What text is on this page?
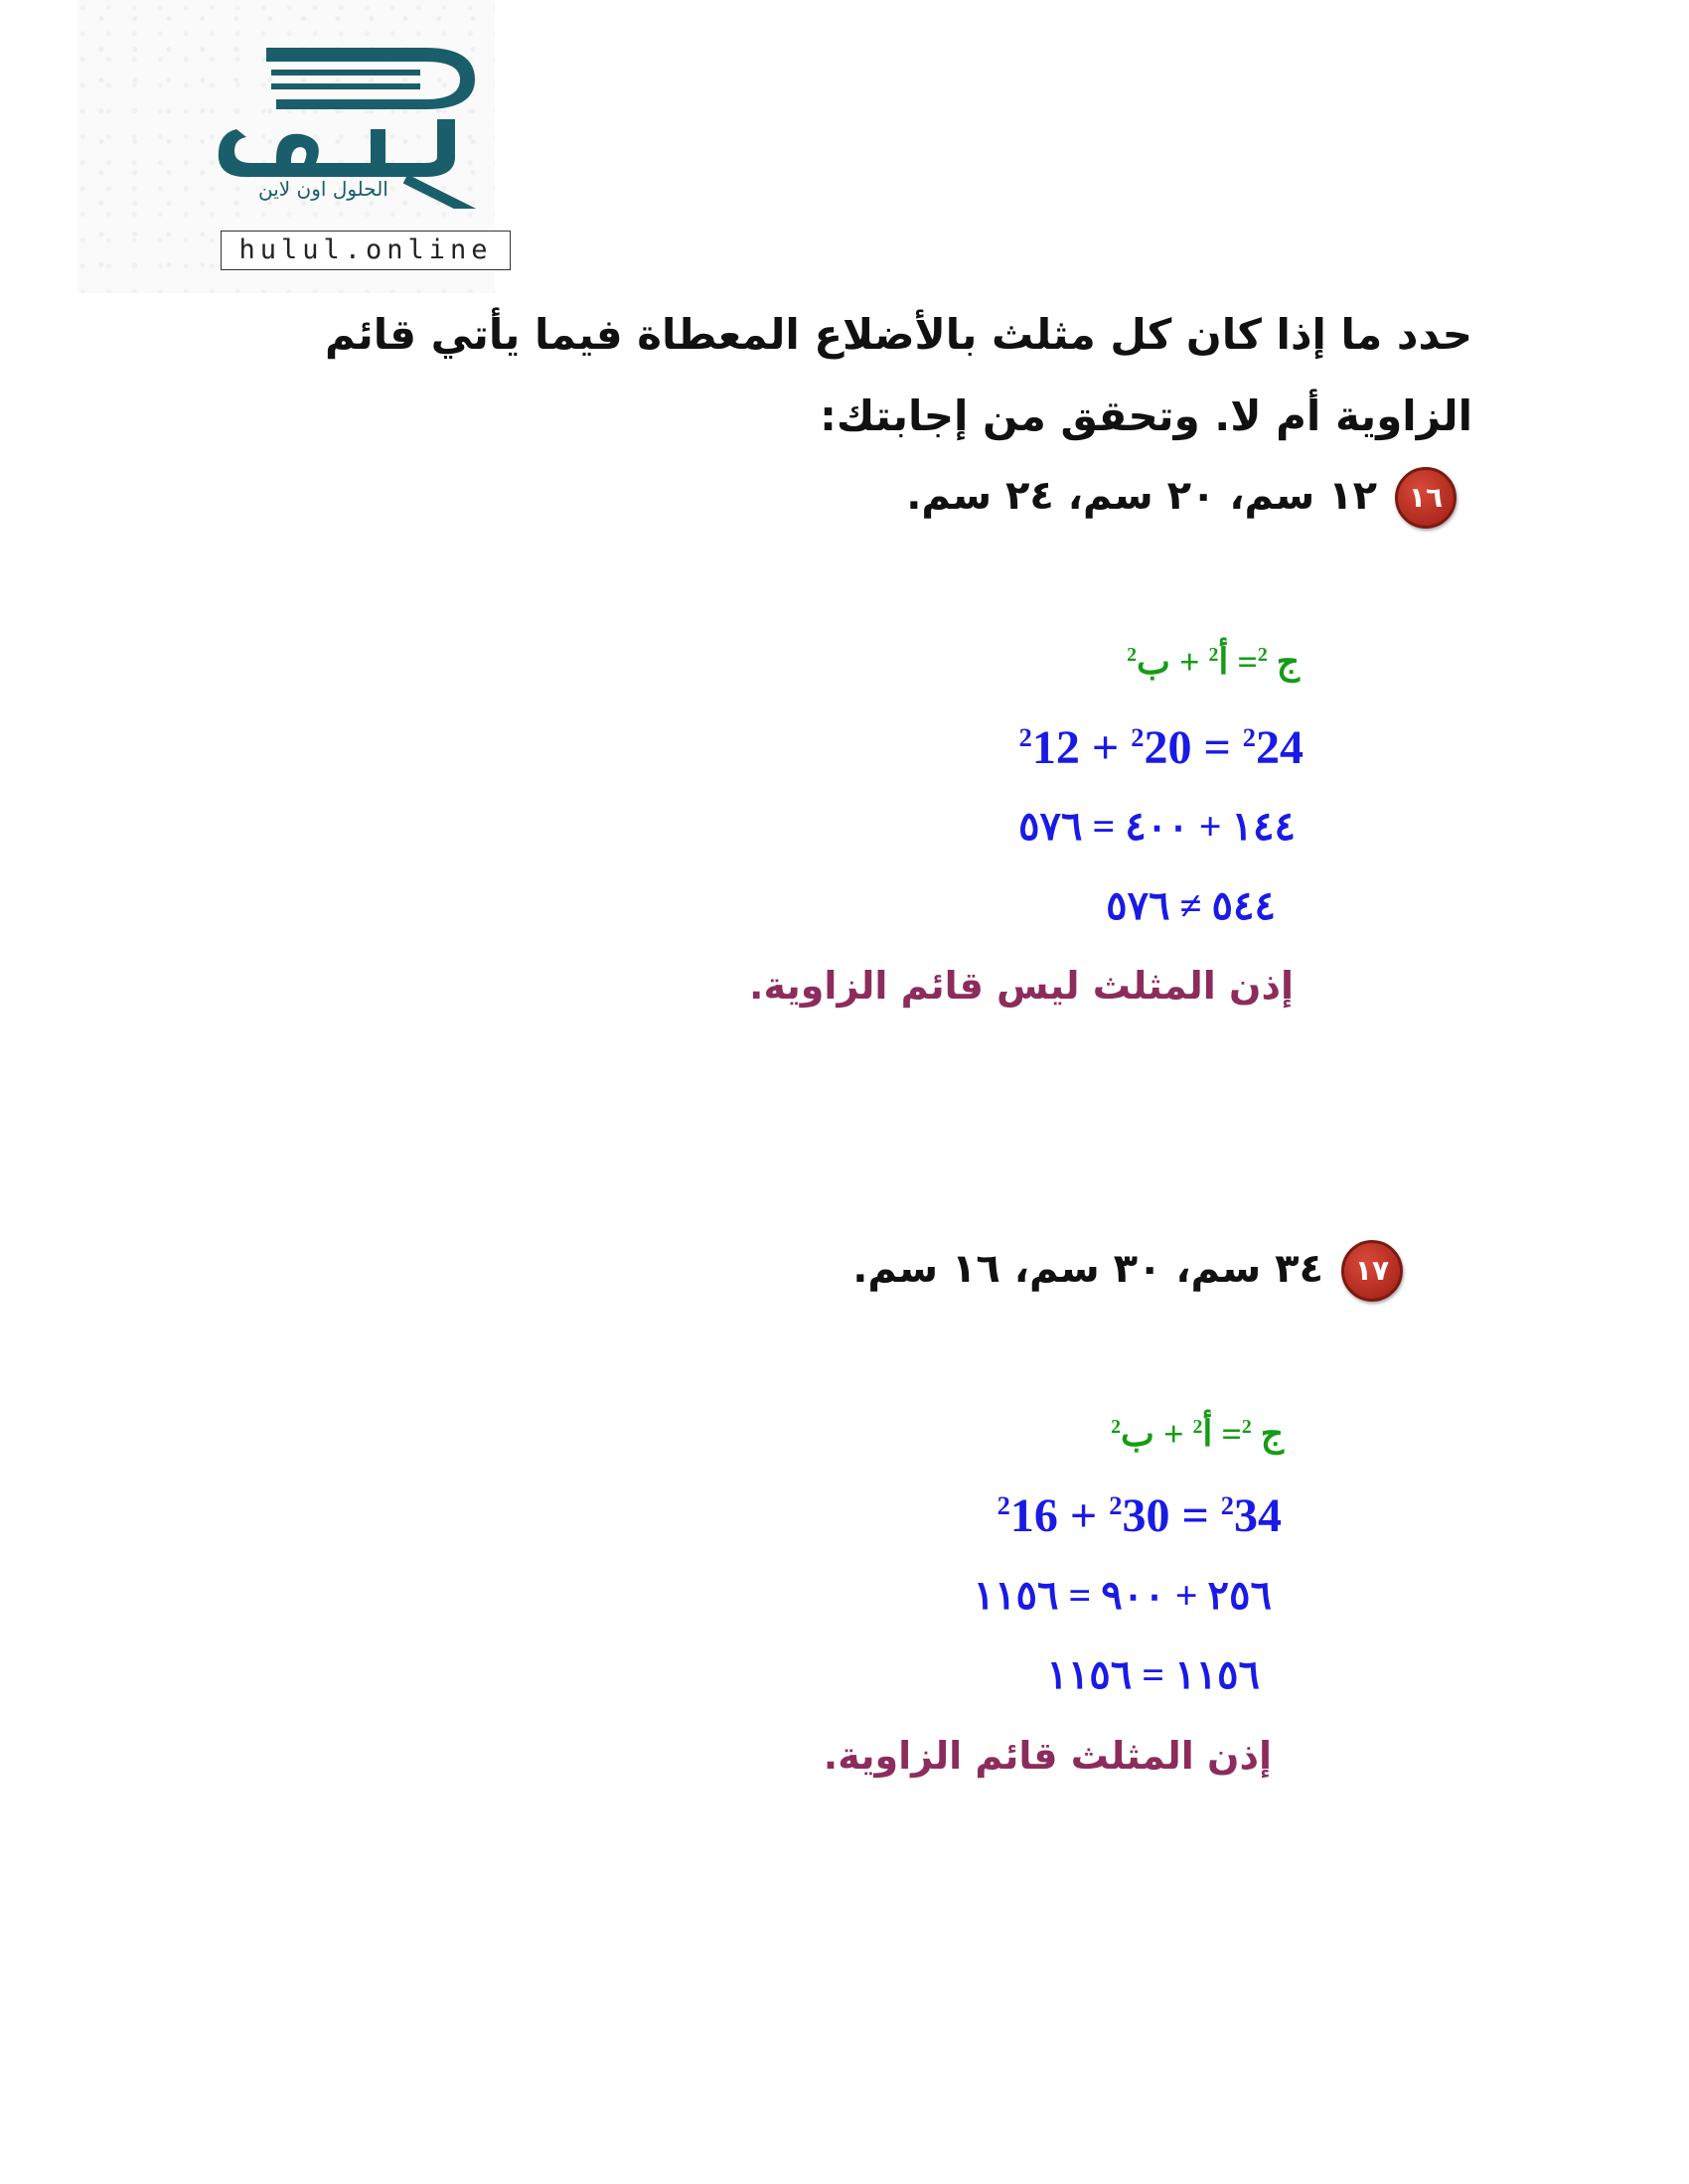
الحلول اون لاين
hulul.online
حدد ما إذا كان كل مثلث بالأضلاع المعطاة فيما يأتي قائم الزاوية أم لا. وتحقق من إجابتك:
١٦١٢ سم، ٢٠ سم، ٢٤ سم.
ج $^2$= أ$^2$ + ب$^2$
$^2$12 + $^2$20 = $^2$24
١٤٤ + ٤٠٠ = ٥٧٦
٥٤٤ ≠ ٥٧٦
إذن المثلث ليس قائم الزاوية.
١٧٣٤ سم، ٣٠ سم، ١٦ سم.
ج $^2$= أ$^2$ + ب$^2$
$^2$16 + $^2$30 = $^2$34
٢٥٦ + ٩٠٠ = ١١٥٦
١١٥٦ = ١١٥٦
إذن المثلث قائم الزاوية.
